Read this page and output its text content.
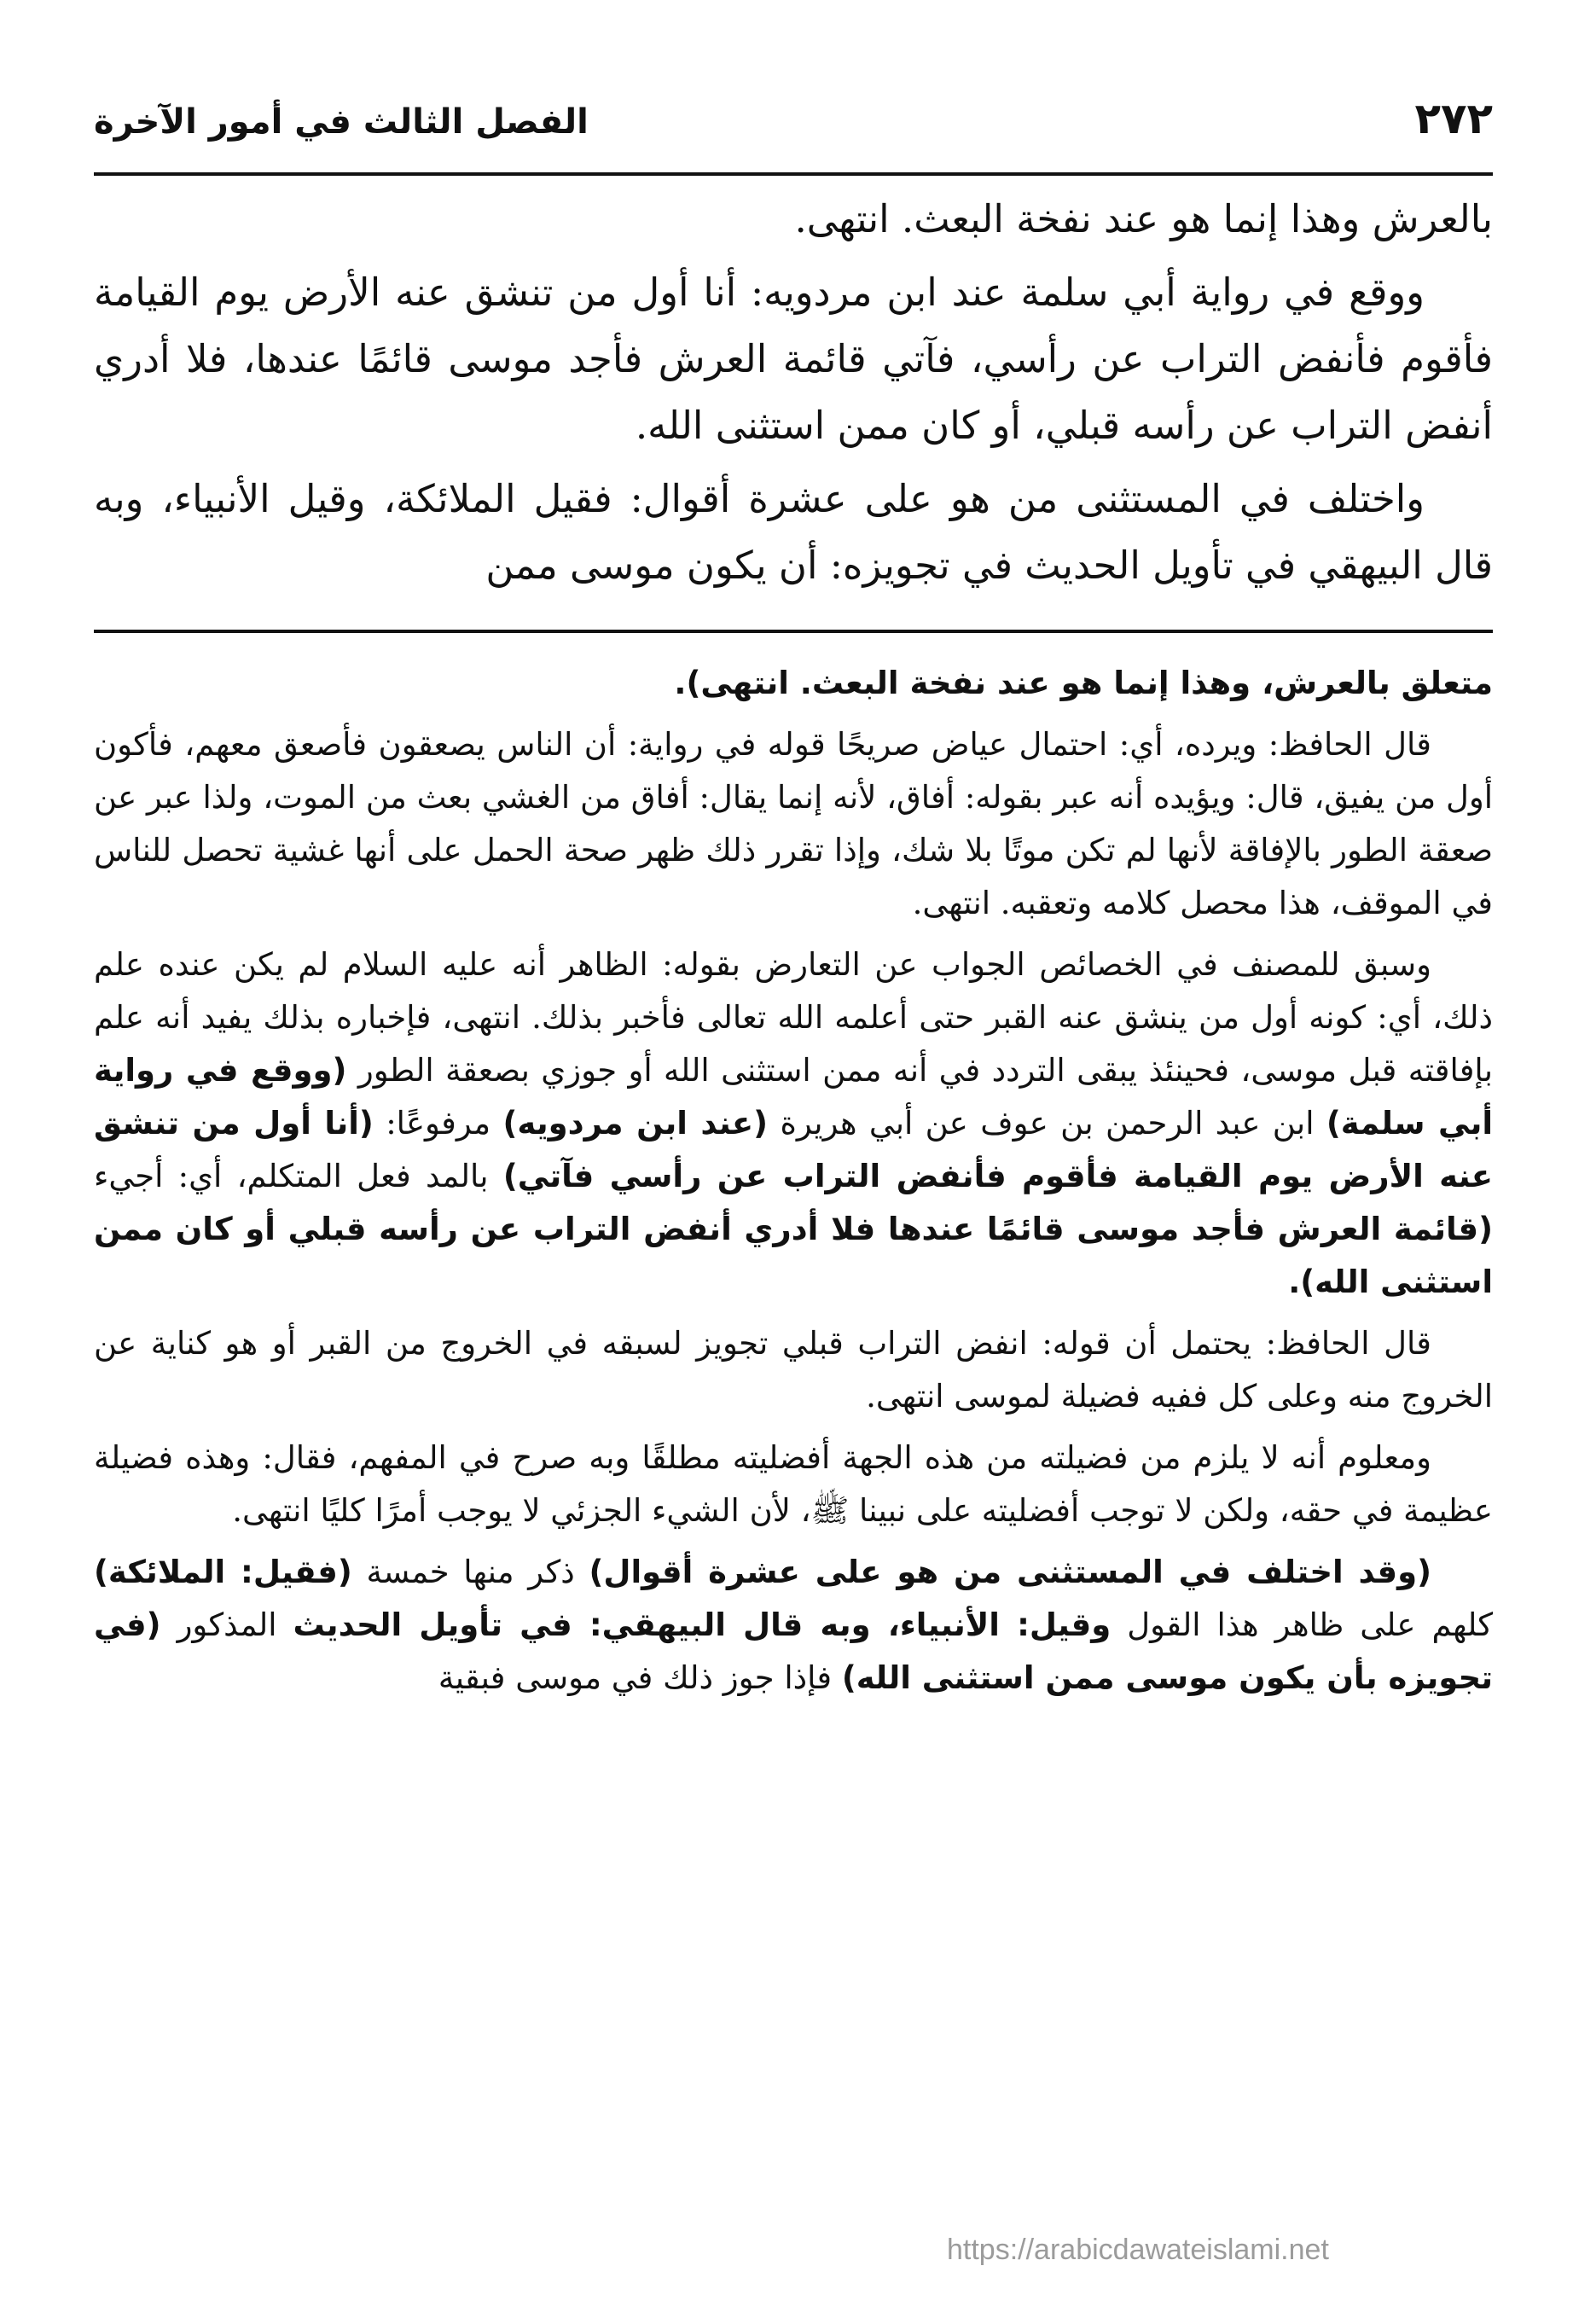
٢٧٢
الفصل الثالث في أمور الآخرة

بالعرش وهذا إنما هو عند نفخة البعث. انتهى.

ووقع في رواية أبي سلمة عند ابن مردويه: أنا أول من تنشق عنه الأرض يوم القيامة فأقوم فأنفض التراب عن رأسي، فآتي قائمة العرش فأجد موسى قائمًا عندها، فلا أدري أنفض التراب عن رأسه قبلي، أو كان ممن استثنى الله.

واختلف في المستثنى من هو على عشرة أقوال: فقيل الملائكة، وقيل الأنبياء، وبه قال البيهقي في تأويل الحديث في تجويزه: أن يكون موسى ممن

متعلق بالعرش، وهذا إنما هو عند نفخة البعث. انتهى).

قال الحافظ: ويرده، أي: احتمال عياض صريحًا قوله في رواية: أن الناس يصعقون فأصعق معهم، فأكون أول من يفيق، قال: ويؤيده أنه عبر بقوله: أفاق، لأنه إنما يقال: أفاق من الغشي بعث من الموت، ولذا عبر عن صعقة الطور بالإفاقة لأنها لم تكن موتًا بلا شك، وإذا تقرر ذلك ظهر صحة الحمل على أنها غشية تحصل للناس في الموقف، هذا محصل كلامه وتعقبه. انتهى.

وسبق للمصنف في الخصائص الجواب عن التعارض بقوله: الظاهر أنه عليه السلام لم يكن عنده علم ذلك، أي: كونه أول من ينشق عنه القبر حتى أعلمه الله تعالى فأخبر بذلك. انتهى، فإخباره بذلك يفيد أنه علم بإفاقته قبل موسى، فحينئذ يبقى التردد في أنه ممن استثنى الله أو جوزي بصعقة الطور (ووقع في رواية أبي سلمة) ابن عبد الرحمن بن عوف عن أبي هريرة (عند ابن مردويه) مرفوعًا: (أنا أول من تنشق عنه الأرض يوم القيامة فأقوم فأنفض التراب عن رأسي فآتي) بالمد فعل المتكلم، أي: أجيء (قائمة العرش فأجد موسى قائمًا عندها فلا أدري أنفض التراب عن رأسه قبلي أو كان ممن استثنى الله).

قال الحافظ: يحتمل أن قوله: انفض التراب قبلي تجويز لسبقه في الخروج من القبر أو هو كناية عن الخروج منه وعلى كل ففيه فضيلة لموسى انتهى.

ومعلوم أنه لا يلزم من فضيلته من هذه الجهة أفضليته مطلقًا وبه صرح في المفهم، فقال: وهذه فضيلة عظيمة في حقه، ولكن لا توجب أفضليته على نبينا ﷺ، لأن الشيء الجزئي لا يوجب أمرًا كليًا انتهى.

(وقد اختلف في المستثنى من هو على عشرة أقوال) ذكر منها خمسة (فقيل: الملائكة) كلهم على ظاهر هذا القول وقيل: الأنبياء، وبه قال البيهقي: في تأويل الحديث المذكور (في تجويزه بأن يكون موسى ممن استثنى الله) فإذا جوز ذلك في موسى فبقية

https://arabicdawateislami.net
